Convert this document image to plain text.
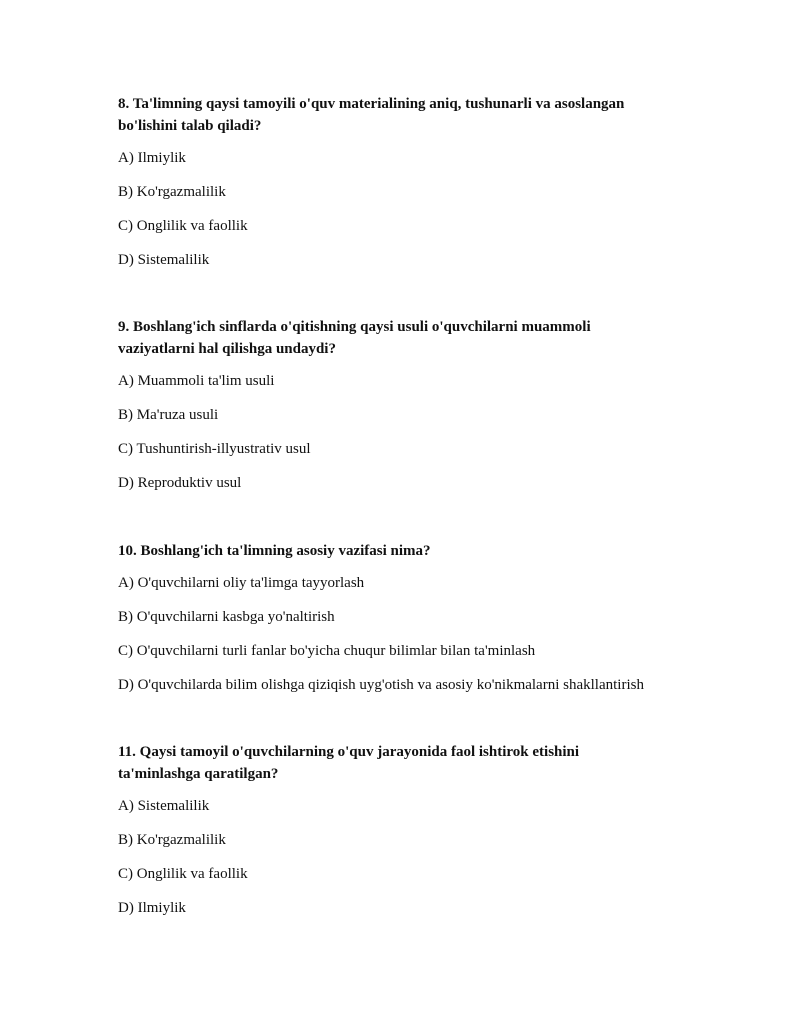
8. Ta'limning qaysi tamoyili o'quv materialining aniq, tushunarli va asoslangan
bo'lishini talab qiladi?

A) Ilmiylik
B) Ko'rgazmalilik
C) Onglilik va faollik
D) Sistemalilik

9. Boshlang'ich sinflarda o'qitishning qaysi usuli o'quvchilarni muammoli
vaziyatlarni hal qilishga undaydi?

A) Muammoli ta'lim usuli
B) Ma'ruza usuli
C) Tushuntirish-illyustrativ usul
D) Reproduktiv usul

10. Boshlang'ich ta'limning asosiy vazifasi nima?

A) O'quvchilarni oliy ta'limga tayyorlash
B) O'quvchilarni kasbga yo'naltirish
C) O'quvchilarni turli fanlar bo'yicha chuqur bilimlar bilan ta'minlash
D) O'quvchilarda bilim olishga qiziqish uyg'otish va asosiy ko'nikmalarni shakllantirish

11. Qaysi tamoyil o'quvchilarning o'quv jarayonida faol ishtirok etishini
ta'minlashga qaratilgan?

A) Sistemalilik
B) Ko'rgazmalilik
C) Onglilik va faollik
D) Ilmiylik
